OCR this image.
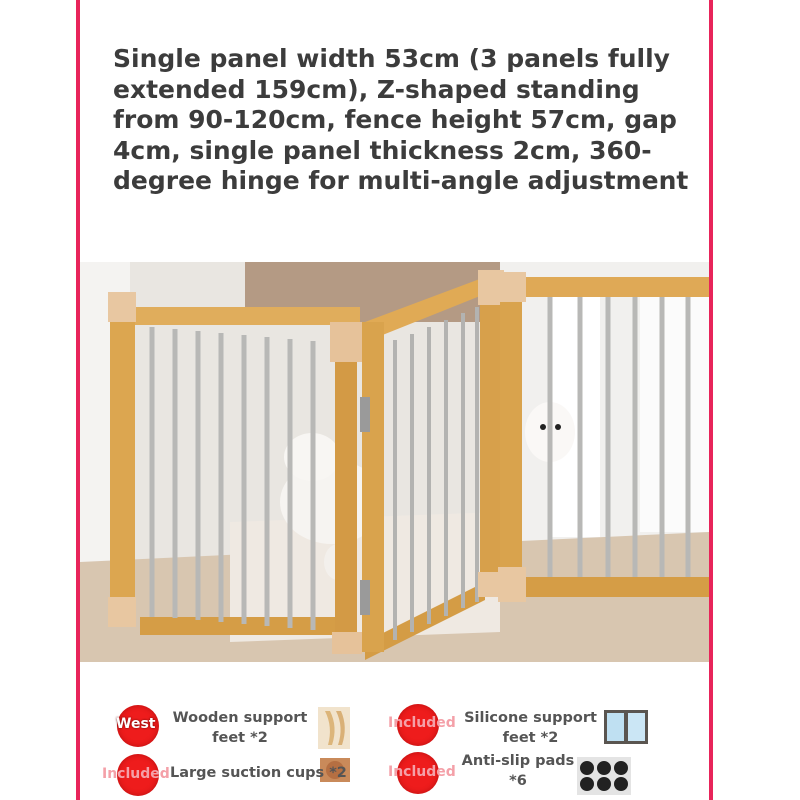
Single panel width 53cm (3 panels fully extended 159cm), Z-shaped standing from 90-120cm, fence height 57cm, gap 4cm, single panel thickness 2cm, 360-degree hinge for multi-angle adjustment

West Wooden support feet *2
Included Silicone support feet *2
Included Large suction cups *2	Included
Anti-slip pads *6
